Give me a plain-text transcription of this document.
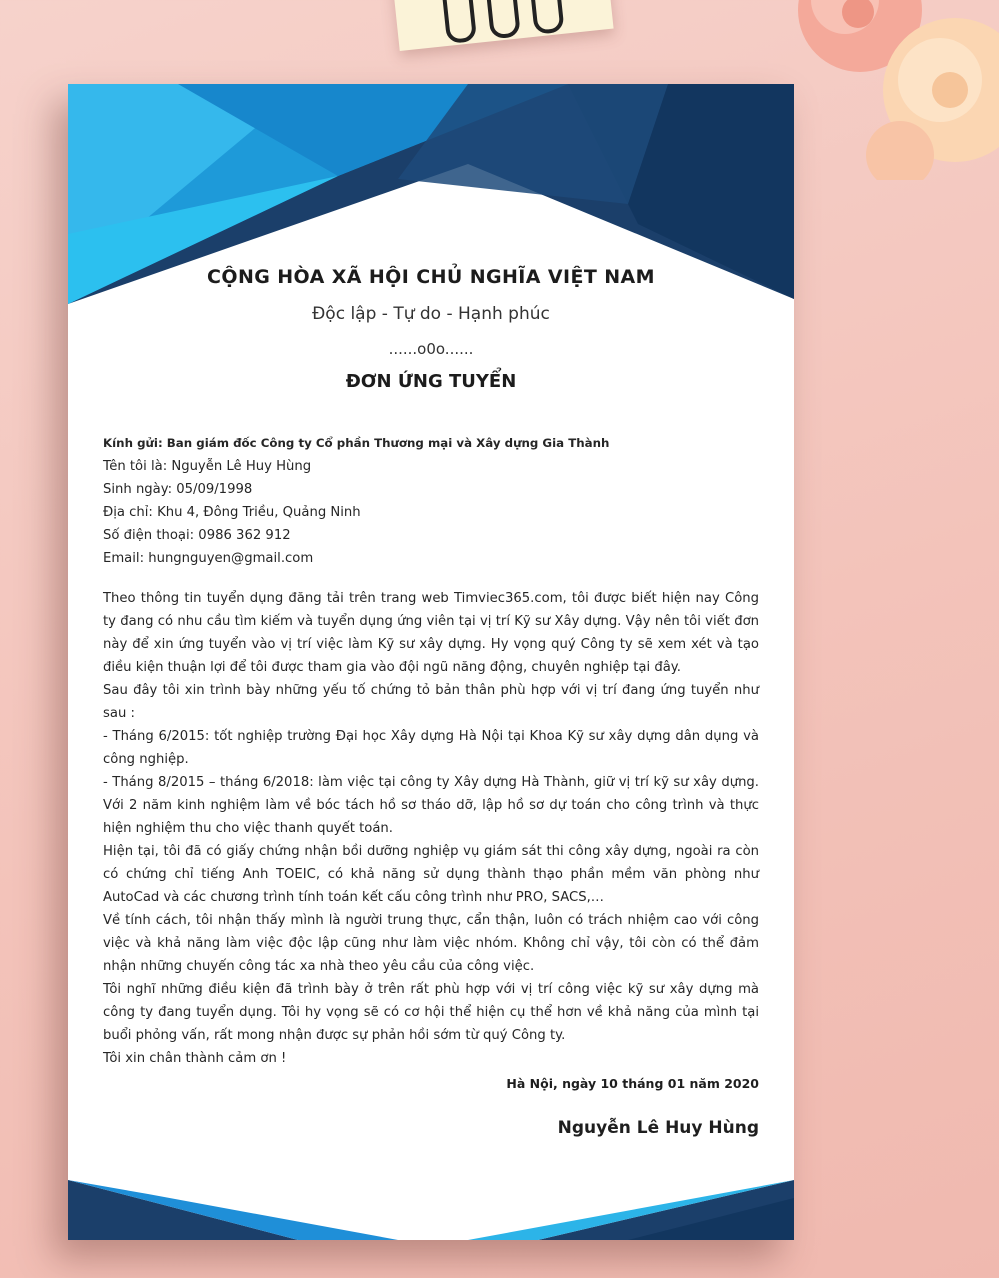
CỘNG HÒA XÃ HỘI CHỦ NGHĨA VIỆT NAM
Độc lập - Tự do - Hạnh phúc
......o0o......
ĐƠN ỨNG TUYỂN

Kính gửi: Ban giám đốc Công ty Cổ phần Thương mại và Xây dựng Gia Thành

Tên tôi là: Nguyễn Lê Huy Hùng

Sinh ngày: 05/09/1998

Địa chỉ: Khu 4, Đông Triều, Quảng Ninh

Số điện thoại: 0986 362 912

Email: hungnguyen@gmail.com

Theo thông tin tuyển dụng đăng tải trên trang web Timviec365.com, tôi được biết hiện nay Công ty đang có nhu cầu tìm kiếm và tuyển dụng ứng viên tại vị trí Kỹ sư Xây dựng. Vậy nên tôi viết đơn này để xin ứng tuyển vào vị trí việc làm Kỹ sư xây dựng. Hy vọng quý Công ty sẽ xem xét và tạo điều kiện thuận lợi để tôi được tham gia vào đội ngũ năng động, chuyên nghiệp tại đây.

Sau đây tôi xin trình bày những yếu tố chứng tỏ bản thân phù hợp với vị trí đang ứng tuyển như sau :

- Tháng 6/2015: tốt nghiệp trường Đại học Xây dựng Hà Nội tại Khoa Kỹ sư xây dựng dân dụng và công nghiệp.

- Tháng 8/2015 – tháng 6/2018: làm việc tại công ty Xây dựng Hà Thành, giữ vị trí kỹ sư xây dựng. Với 2 năm kinh nghiệm làm về bóc tách hồ sơ tháo dỡ, lập hồ sơ dự toán cho công trình và thực hiện nghiệm thu cho việc thanh quyết toán.

Hiện tại, tôi đã có giấy chứng nhận bồi dưỡng nghiệp vụ giám sát thi công xây dựng, ngoài ra còn có chứng chỉ tiếng Anh TOEIC, có khả năng sử dụng thành thạo phần mềm văn phòng như AutoCad và các chương trình tính toán kết cấu công trình như PRO, SACS,…

Về tính cách, tôi nhận thấy mình là người trung thực, cẩn thận, luôn có trách nhiệm cao với công việc và khả năng làm việc độc lập cũng như làm việc nhóm. Không chỉ vậy, tôi còn có thể đảm nhận những chuyến công tác xa nhà theo yêu cầu của công việc.

Tôi nghĩ những điều kiện đã trình bày ở trên rất phù hợp với vị trí công việc kỹ sư xây dựng mà công ty đang tuyển dụng. Tôi hy vọng sẽ có cơ hội thể hiện cụ thể hơn về khả năng của mình tại buổi phỏng vấn, rất mong nhận được sự phản hồi sớm từ quý Công ty.

Tôi xin chân thành cảm ơn !

Hà Nội, ngày 10 tháng 01 năm 2020
Nguyễn Lê Huy Hùng
